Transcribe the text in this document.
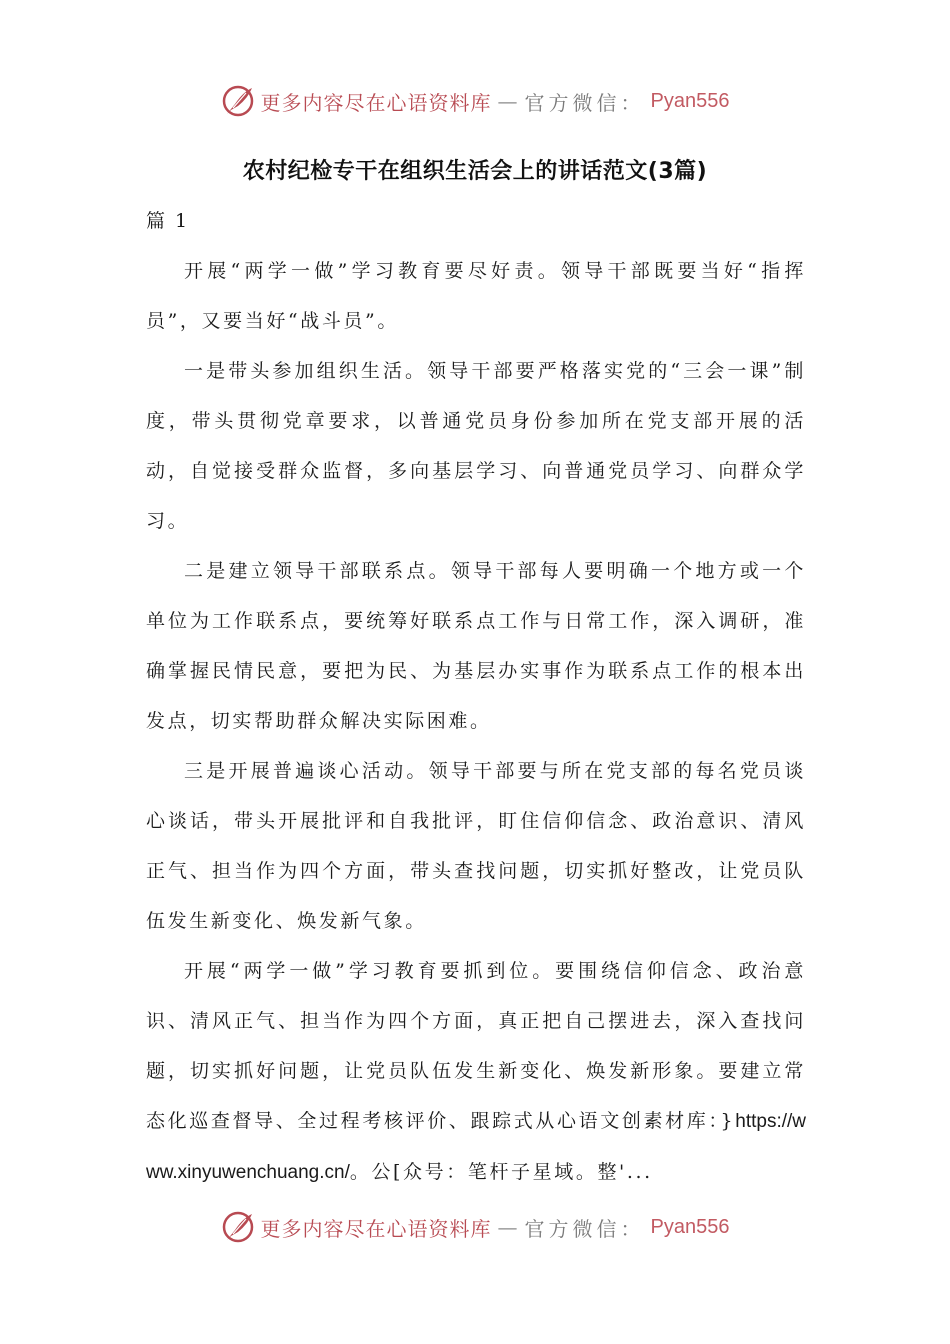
更多内容尽在心语资料库 — 官方微信： Pyan556
农村纪检专干在组织生活会上的讲话范文(3篇)
篇 1

开展“两学一做”学习教育要尽好责。领导干部既要当好“指挥员”，又要当好“战斗员”。

一是带头参加组织生活。领导干部要严格落实党的“三会一课”制度，带头贯彻党章要求，以普通党员身份参加所在党支部开展的活动，自觉接受群众监督，多向基层学习、向普通党员学习、向群众学习。

二是建立领导干部联系点。领导干部每人要明确一个地方或一个单位为工作联系点，要统筹好联系点工作与日常工作，深入调研，准确掌握民情民意，要把为民、为基层办实事作为联系点工作的根本出发点，切实帮助群众解决实际困难。

三是开展普遍谈心活动。领导干部要与所在党支部的每名党员谈心谈话，带头开展批评和自我批评，盯住信仰信念、政治意识、清风正气、担当作为四个方面，带头查找问题，切实抓好整改，让党员队伍发生新变化、焕发新气象。

开展“两学一做”学习教育要抓到位。要围绕信仰信念、政治意识、清风正气、担当作为四个方面，真正把自己摆进去，深入查找问题，切实抓好问题，让党员队伍发生新变化、焕发新形象。要建立常态化巡查督导、全过程考核评价、跟踪式从心语文创素材库：}https://www.xinyuwenchuang.cn/。公[众号：笔杆子星域。整'...

更多内容尽在心语资料库 — 官方微信： Pyan556
